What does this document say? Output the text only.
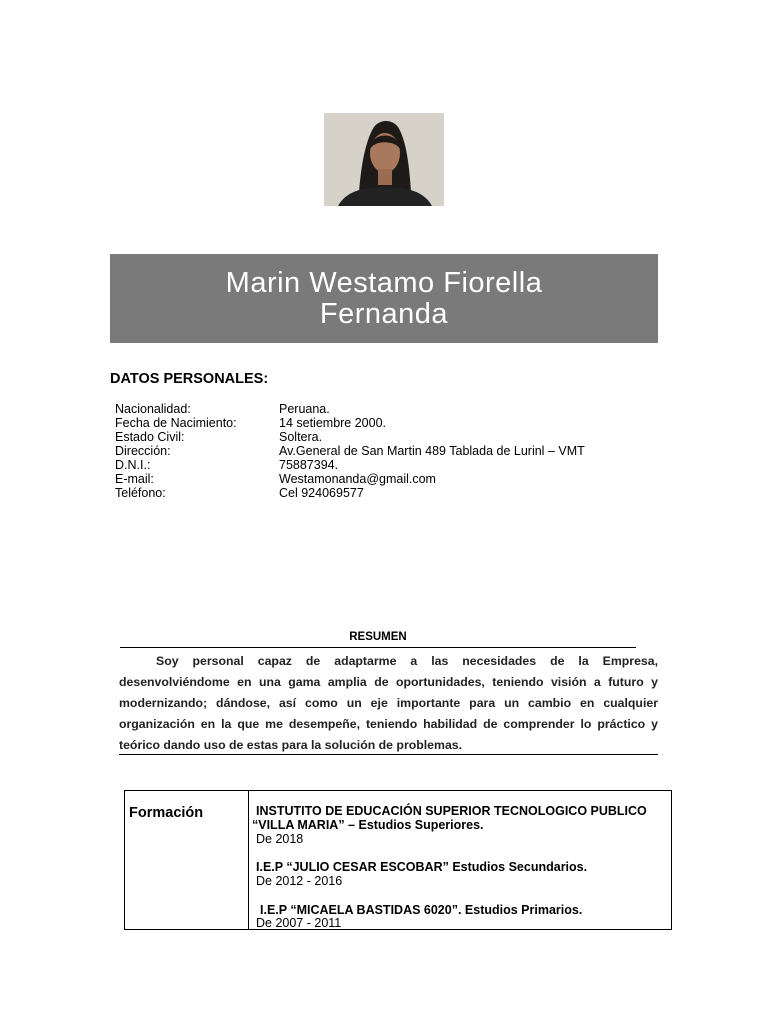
Marin Westamo Fiorella
Fernanda
DATOS PERSONALES:
Nacionalidad:	Peruana.
Fecha de Nacimiento:	14 setiembre 2000.
Estado Civil:	Soltera.
Dirección:	Av.General de San Martin 489 Tablada de Lurinl – VMT
D.N.I.:	75887394.
E-mail:	Westamonanda@gmail.com
Teléfono:	Cel 924069577
RESUMEN
Soy personal capaz de adaptarme a las necesidades de la Empresa, desenvolviéndome en una gama amplia de oportunidades, teniendo visión a futuro y modernizando; dándose, así como un eje importante para un cambio en cualquier organización en la que me desempeñe, teniendo habilidad de comprender lo práctico y teórico dando uso de estas para la solución de problemas.
Formación	INSTUTITO DE EDUCACIÓN SUPERIOR TECNOLOGICO PUBLICO
“VILLA MARIA” – Estudios Superiores.
De 2018
I.E.P “JULIO CESAR ESCOBAR” Estudios Secundarios.
De 2012 - 2016
I.E.P “MICAELA BASTIDAS 6020”. Estudios Primarios.
De 2007 - 2011
